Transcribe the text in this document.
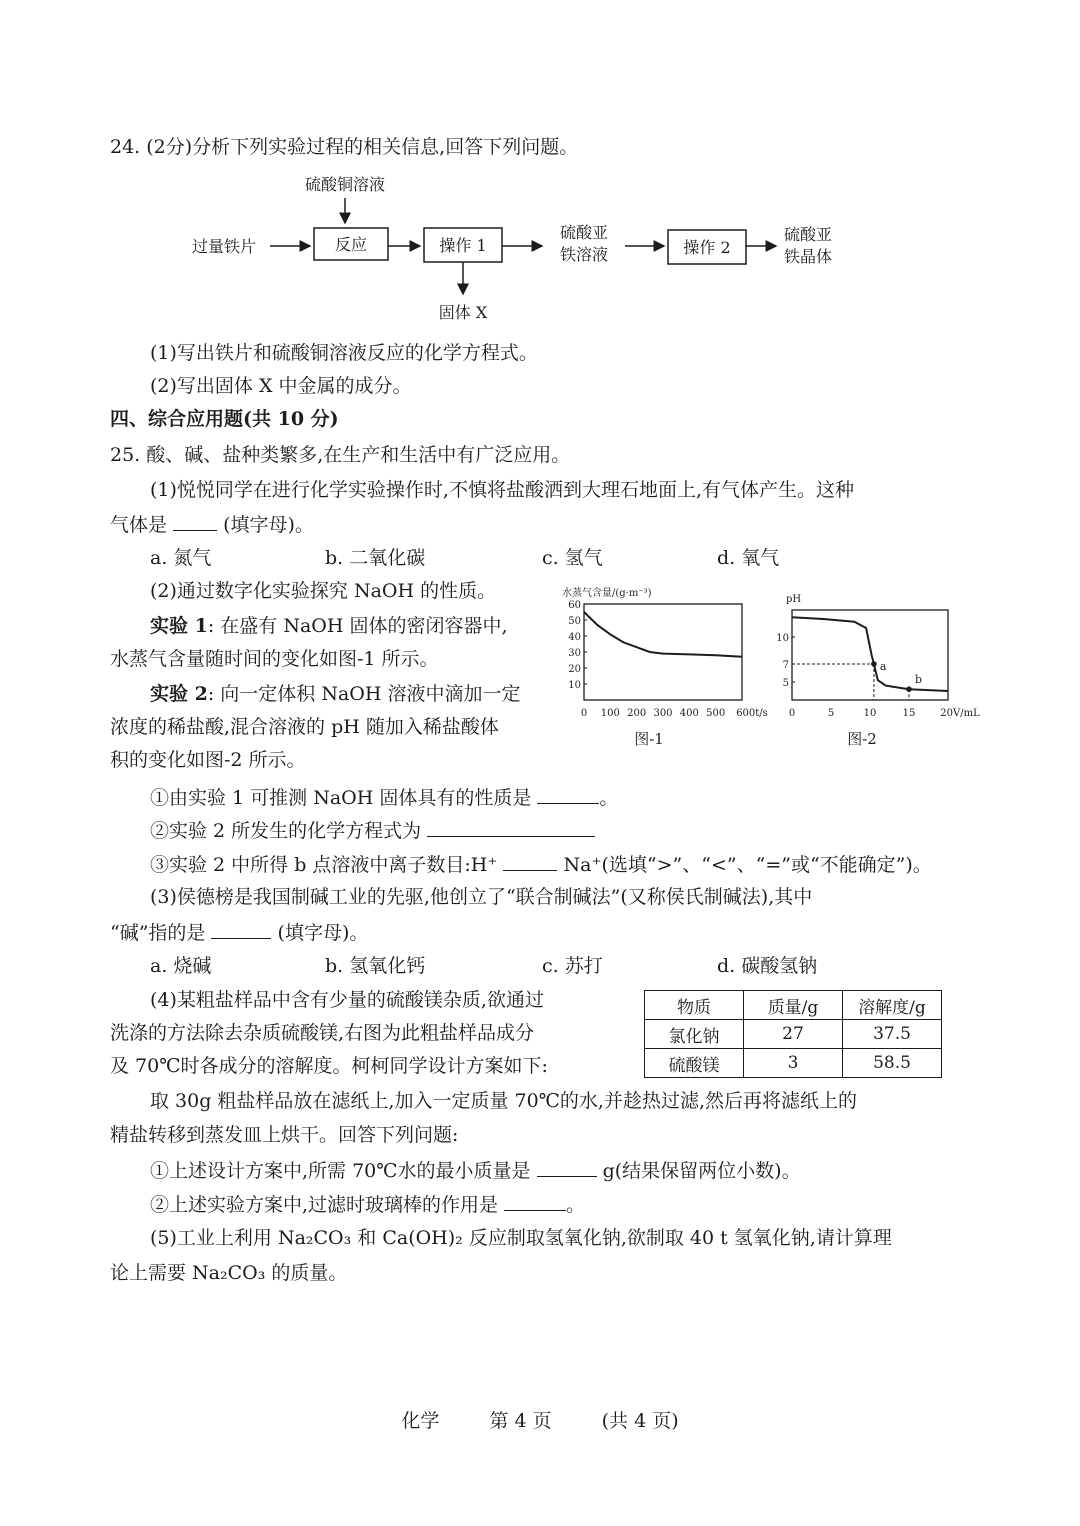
24. (2分)分析下列实验过程的相关信息,回答下列问题。
硫酸铜溶液
过量铁片	反应	操作 1
固体 X
硫酸亚
铁溶液	操作 2
硫酸亚
铁晶体
(1)写出铁片和硫酸铜溶液反应的化学方程式。
(2)写出固体 X 中金属的成分。
四、综合应用题(共 10 分)
25. 酸、碱、盐种类繁多,在生产和生活中有广泛应用。
(1)悦悦同学在进行化学实验操作时,不慎将盐酸洒到大理石地面上,有气体产生。这种
气体是	(填字母)。
a. 氮气	b. 二氧化碳	c. 氢气	d. 氧气
(2)通过数字化实验探究 NaOH 的性质。
实验 1: 在盛有 NaOH 固体的密闭容器中,
水蒸气含量随时间的变化如图-1 所示。
实验 2: 向一定体积 NaOH 溶液中滴加一定
浓度的稀盐酸,混合溶液的 pH 随加入稀盐酸体
积的变化如图-2 所示。
水蒸气含量/(g·m⁻³)
10
20
30
40
50
60
0 100 200 300 400 500 600t/s
图-1
pH
5
7
10
0	5	10	15 20V/mL
a
b
图-2
①由实验 1 可推测 NaOH 固体具有的性质是	。
②实验 2 所发生的化学方程式为
③实验 2 中所得 b 点溶液中离子数目:H⁺	Na⁺(选填“>”、“<”、“=”或“不能确定”)。
(3)侯德榜是我国制碱工业的先驱,他创立了“联合制碱法”(又称侯氏制碱法),其中
“碱”指的是	(填字母)。
a. 烧碱	b. 氢氧化钙	c. 苏打	d. 碳酸氢钠
(4)某粗盐样品中含有少量的硫酸镁杂质,欲通过
洗涤的方法除去杂质硫酸镁,右图为此粗盐样品成分
及 70℃时各成分的溶解度。柯柯同学设计方案如下:
物质	质量/g	溶解度/g
氯化钠	27	37.5
硫酸镁	3	58.5
取 30g 粗盐样品放在滤纸上,加入一定质量 70℃的水,并趁热过滤,然后再将滤纸上的
精盐转移到蒸发皿上烘干。回答下列问题:
①上述设计方案中,所需 70℃水的最小质量是	g(结果保留两位小数)。
②上述实验方案中,过滤时玻璃棒的作用是	。
(5)工业上利用 Na₂CO₃ 和 Ca(OH)₂ 反应制取氢氧化钠,欲制取 40 t 氢氧化钠,请计算理
论上需要 Na₂CO₃ 的质量。
化学	第 4 页	(共 4 页)
